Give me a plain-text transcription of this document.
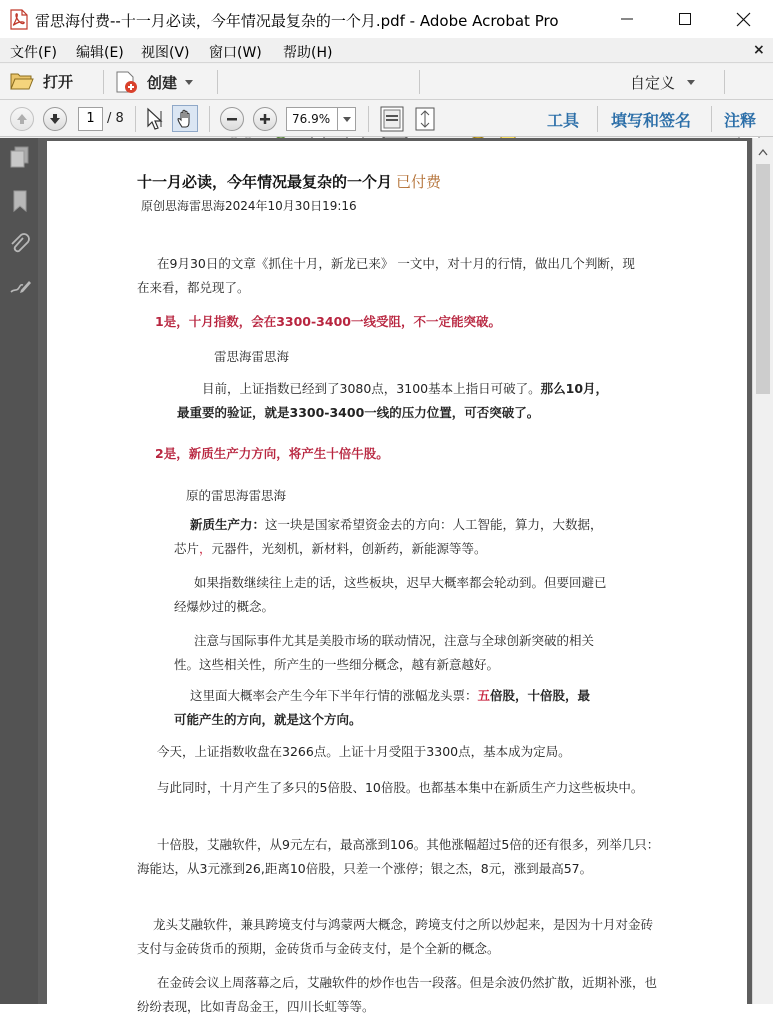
雷思海付费--十一月必读，今年情况最复杂的一个月.pdf - Adobe Acrobat Pro
文件(F) 编辑(E) 视图(V) 窗口(W) 帮助(H)	×
打开	创建	自定义
1 / 8	76.9%	工具 填写和签名 注释
十一月必读，今年情况最复杂的一个月 已付费
原创思海雷思海2024年10月30日19:16
在9月30日的文章《抓住十月，新龙已来》 一文中，对十月的行情，做出几个判断，现在来看，都兑现了。
1是，十月指数，会在3300-3400一线受阻，不一定能突破。
雷思海雷思海
目前，上证指数已经到了3080点，3100基本上指日可破了。那么10月，最重要的验证，就是3300-3400一线的压力位置，可否突破了。
2是，新质生产力方向，将产生十倍牛股。
原的雷思海雷思海
新质生产力：这一块是国家希望资金去的方向：人工智能，算力，大数据，芯片，元器件，光刻机，新材料，创新药，新能源等等。
如果指数继续往上走的话，这些板块，迟早大概率都会轮动到。但要回避已经爆炒过的概念。
注意与国际事件尤其是美股市场的联动情况，注意与全球创新突破的相关性。这些相关性，所产生的一些细分概念，越有新意越好。
这里面大概率会产生今年下半年行情的涨幅龙头票：五倍股，十倍股，最可能产生的方向，就是这个方向。
今天，上证指数收盘在3266点。上证十月受阻于3300点，基本成为定局。
与此同时，十月产生了多只的5倍股、10倍股。也都基本集中在新质生产力这些板块中。
十倍股，艾融软件，从9元左右，最高涨到106。其他涨幅超过5倍的还有很多，列举几只：海能达，从3元涨到26,距离10倍股，只差一个涨停；银之杰，8元，涨到最高57。
龙头艾融软件，兼具跨境支付与鸿蒙两大概念，跨境支付之所以炒起来，是因为十月对金砖支付与金砖货币的预期，金砖货币与金砖支付，是个全新的概念。
在金砖会议上周落幕之后，艾融软件的炒作也告一段落。但是余波仍然扩散，近期补涨，也纷纷表现，比如青岛金王，四川长虹等等。
